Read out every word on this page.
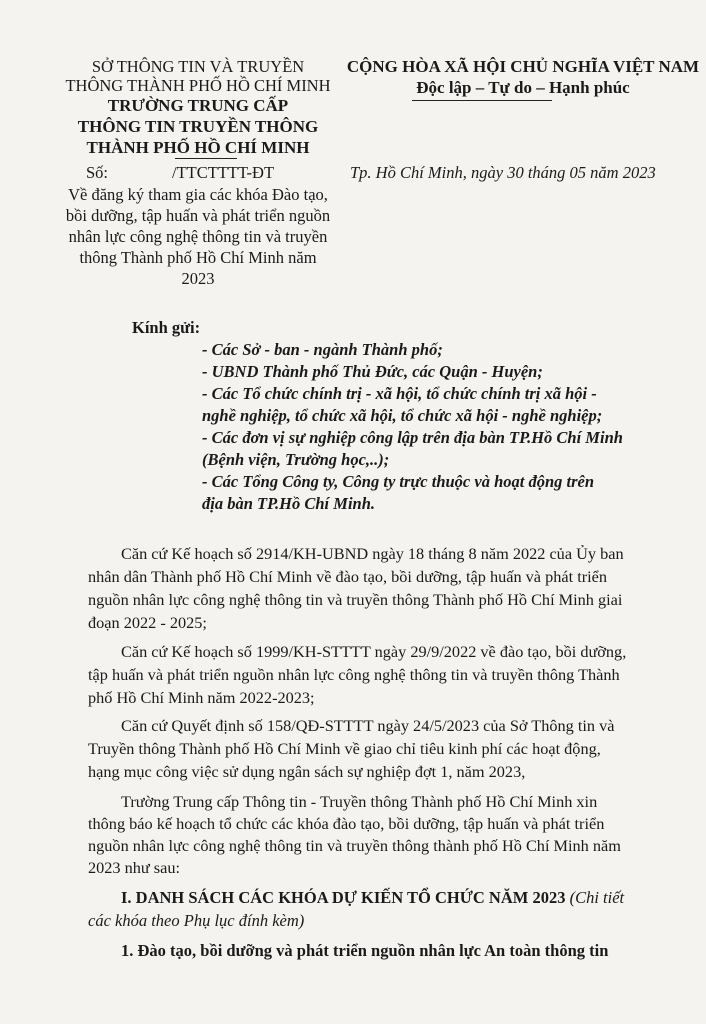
SỞ THÔNG TIN VÀ TRUYỀN
THÔNG THÀNH PHỐ HỒ CHÍ MINH
TRƯỜNG TRUNG CẤP
THÔNG TIN TRUYỀN THÔNG
THÀNH PHỐ HỒ CHÍ MINH
Số:	/TTCTTTT-ĐT
Về đăng ký tham gia các khóa Đào tạo,
bồi dưỡng, tập huấn và phát triển nguồn
nhân lực công nghệ thông tin và truyền
thông Thành phố Hồ Chí Minh năm
2023
CỘNG HÒA XÃ HỘI CHỦ NGHĨA VIỆT NAM
Độc lập – Tự do – Hạnh phúc
Tp. Hồ Chí Minh, ngày 30 tháng 05 năm 2023
Kính gửi:
- Các Sở - ban - ngành Thành phố;
- UBND Thành phố Thủ Đức, các Quận - Huyện;
- Các Tổ chức chính trị - xã hội, tổ chức chính trị xã hội -
nghề nghiệp, tổ chức xã hội, tổ chức xã hội - nghề nghiệp;
- Các đơn vị sự nghiệp công lập trên địa bàn TP.Hồ Chí Minh
(Bệnh viện, Trường học,..);
- Các Tổng Công ty, Công ty trực thuộc và hoạt động trên
địa bàn TP.Hồ Chí Minh.
Căn cứ Kế hoạch số 2914/KH-UBND ngày 18 tháng 8 năm 2022 của Ủy ban
nhân dân Thành phố Hồ Chí Minh về đào tạo, bồi dưỡng, tập huấn và phát triển
nguồn nhân lực công nghệ thông tin và truyền thông Thành phố Hồ Chí Minh giai
đoạn 2022 - 2025;
Căn cứ Kế hoạch số 1999/KH-STTTT ngày 29/9/2022 về đào tạo, bồi dưỡng,
tập huấn và phát triển nguồn nhân lực công nghệ thông tin và truyền thông Thành
phố Hồ Chí Minh năm 2022-2023;
Căn cứ Quyết định số 158/QĐ-STTTT ngày 24/5/2023 của Sở Thông tin và
Truyền thông Thành phố Hồ Chí Minh về giao chỉ tiêu kinh phí các hoạt động,
hạng mục công việc sử dụng ngân sách sự nghiệp đợt 1, năm 2023,
Trường Trung cấp Thông tin - Truyền thông Thành phố Hồ Chí Minh xin
thông báo kế hoạch tổ chức các khóa đào tạo, bồi dưỡng, tập huấn và phát triển
nguồn nhân lực công nghệ thông tin và truyền thông thành phố Hồ Chí Minh năm
2023 như sau:
I. DANH SÁCH CÁC KHÓA DỰ KIẾN TỔ CHỨC NĂM 2023 (Chi tiết
các khóa theo Phụ lục đính kèm)
1. Đào tạo, bồi dưỡng và phát triển nguồn nhân lực An toàn thông tin
